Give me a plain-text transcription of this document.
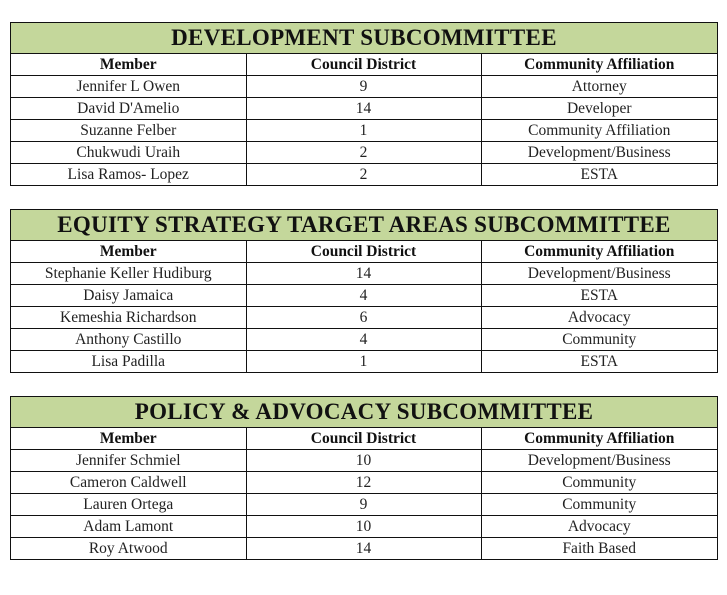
DEVELOPMENT SUBCOMMITTEE
Member	Council District	Community Affiliation
Jennifer L Owen	9	Attorney
David D'Amelio	14	Developer
Suzanne Felber	1	Community Affiliation
Chukwudi Uraih	2	Development/Business
Lisa Ramos- Lopez	2	ESTA
EQUITY STRATEGY TARGET AREAS SUBCOMMITTEE
Member	Council District	Community Affiliation
Stephanie Keller Hudiburg	14	Development/Business
Daisy Jamaica	4	ESTA
Kemeshia Richardson	6	Advocacy
Anthony Castillo	4	Community
Lisa Padilla	1	ESTA
POLICY & ADVOCACY SUBCOMMITTEE
Member	Council District	Community Affiliation
Jennifer Schmiel	10	Development/Business
Cameron Caldwell	12	Community
Lauren Ortega	9	Community
Adam Lamont	10	Advocacy
Roy Atwood	14	Faith Based
